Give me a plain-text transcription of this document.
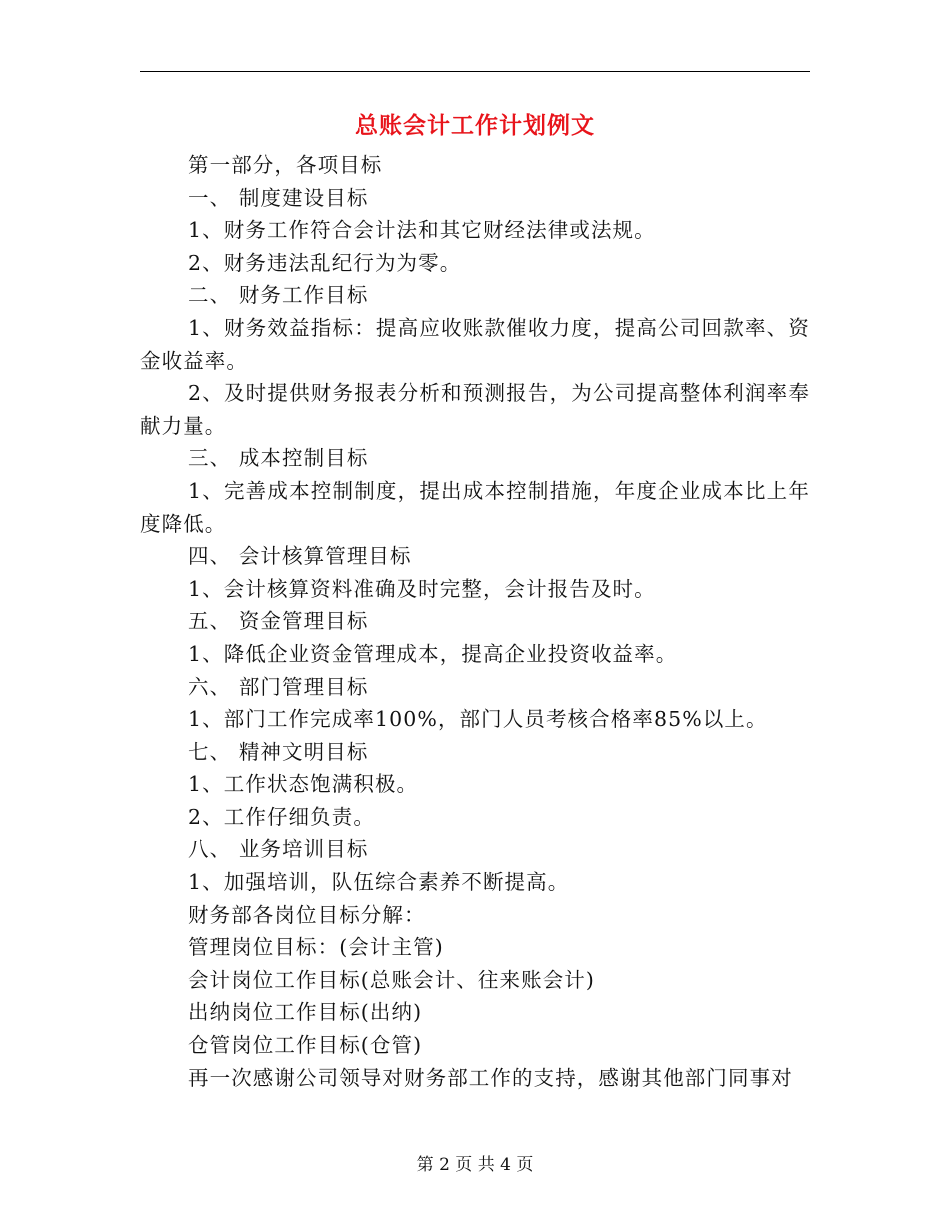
总账会计工作计划例文

第一部分，各项目标

一、 制度建设目标

1、财务工作符合会计法和其它财经法律或法规。

2、财务违法乱纪行为为零。

二、 财务工作目标

1、财务效益指标：提高应收账款催收力度，提高公司回款率、资金收益率。

2、及时提供财务报表分析和预测报告，为公司提高整体利润率奉献力量。

三、 成本控制目标

1、完善成本控制制度，提出成本控制措施，年度企业成本比上年度降低。

四、 会计核算管理目标

1、会计核算资料准确及时完整，会计报告及时。

五、 资金管理目标

1、降低企业资金管理成本，提高企业投资收益率。

六、 部门管理目标

1、部门工作完成率100%，部门人员考核合格率85%以上。

七、 精神文明目标

1、工作状态饱满积极。

2、工作仔细负责。

八、 业务培训目标

1、加强培训，队伍综合素养不断提高。

财务部各岗位目标分解：

管理岗位目标：(会计主管)

会计岗位工作目标(总账会计、往来账会计)

出纳岗位工作目标(出纳)

仓管岗位工作目标(仓管)

再一次感谢公司领导对财务部工作的支持，感谢其他部门同事对

第 2 页 共 4 页
